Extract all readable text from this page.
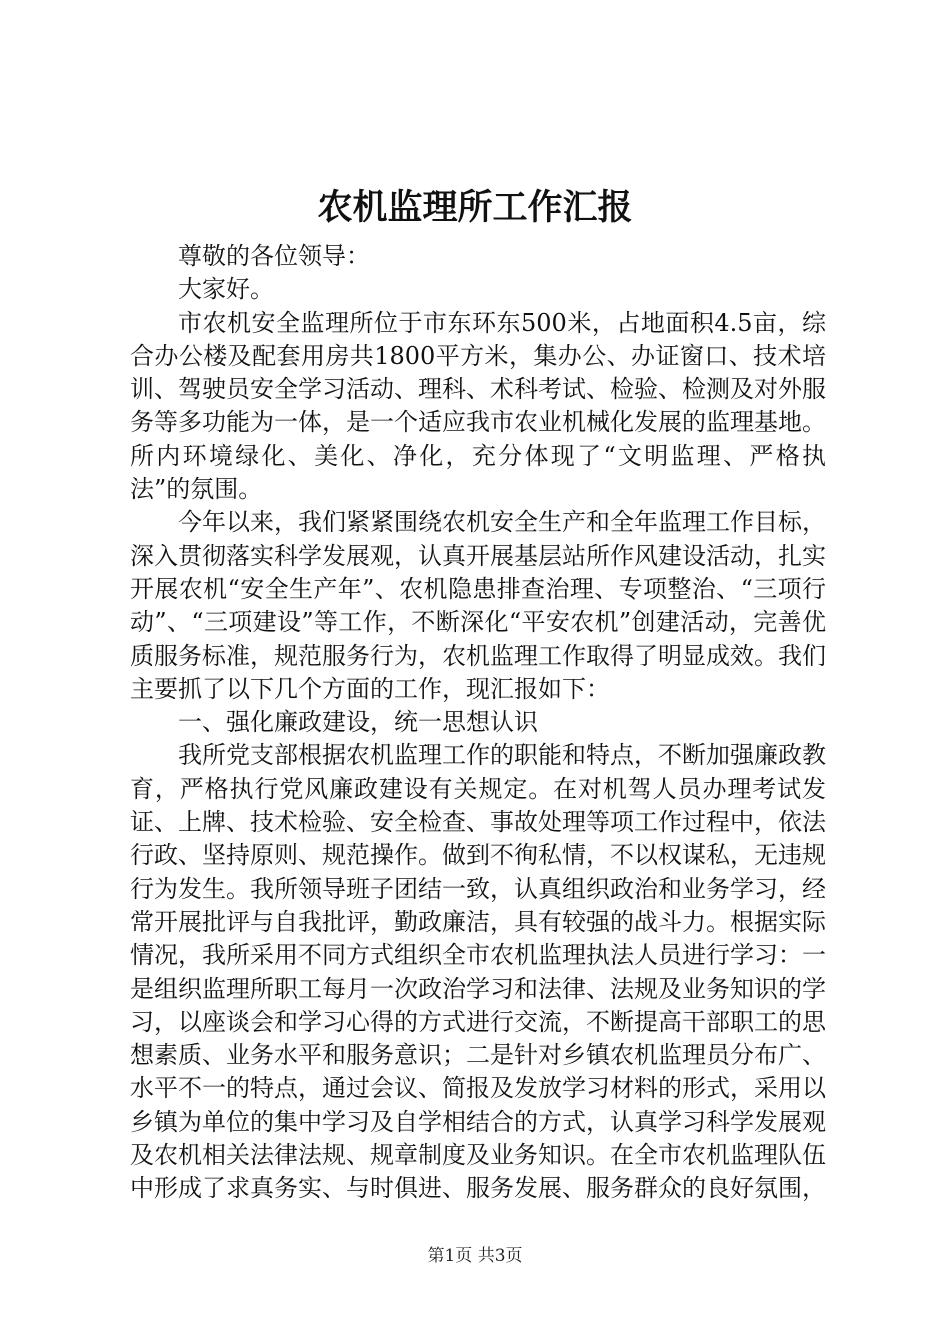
农机监理所工作汇报

尊敬的各位领导：

大家好。

市农机安全监理所位于市东环东500米，占地面积4.5亩，综合办公楼及配套用房共1800平方米，集办公、办证窗口、技术培训、驾驶员安全学习活动、理科、术科考试、检验、检测及对外服务等多功能为一体，是一个适应我市农业机械化发展的监理基地。所内环境绿化、美化、净化，充分体现了“文明监理、严格执法”的氛围。

今年以来，我们紧紧围绕农机安全生产和全年监理工作目标，深入贯彻落实科学发展观，认真开展基层站所作风建设活动，扎实开展农机“安全生产年”、农机隐患排查治理、专项整治、“三项行动”、“三项建设”等工作，不断深化“平安农机”创建活动，完善优质服务标准，规范服务行为，农机监理工作取得了明显成效。我们主要抓了以下几个方面的工作，现汇报如下：

一、强化廉政建设，统一思想认识

我所党支部根据农机监理工作的职能和特点，不断加强廉政教育，严格执行党风廉政建设有关规定。在对机驾人员办理考试发证、上牌、技术检验、安全检查、事故处理等项工作过程中，依法行政、坚持原则、规范操作。做到不徇私情，不以权谋私，无违规行为发生。我所领导班子团结一致，认真组织政治和业务学习，经常开展批评与自我批评，勤政廉洁，具有较强的战斗力。根据实际情况，我所采用不同方式组织全市农机监理执法人员进行学习：一是组织监理所职工每月一次政治学习和法律、法规及业务知识的学习，以座谈会和学习心得的方式进行交流，不断提高干部职工的思想素质、业务水平和服务意识；二是针对乡镇农机监理员分布广、水平不一的特点，通过会议、简报及发放学习材料的形式，采用以乡镇为单位的集中学习及自学相结合的方式，认真学习科学发展观及农机相关法律法规、规章制度及业务知识。在全市农机监理队伍中形成了求真务实、与时俱进、服务发展、服务群众的良好氛围，

第1页 共3页
